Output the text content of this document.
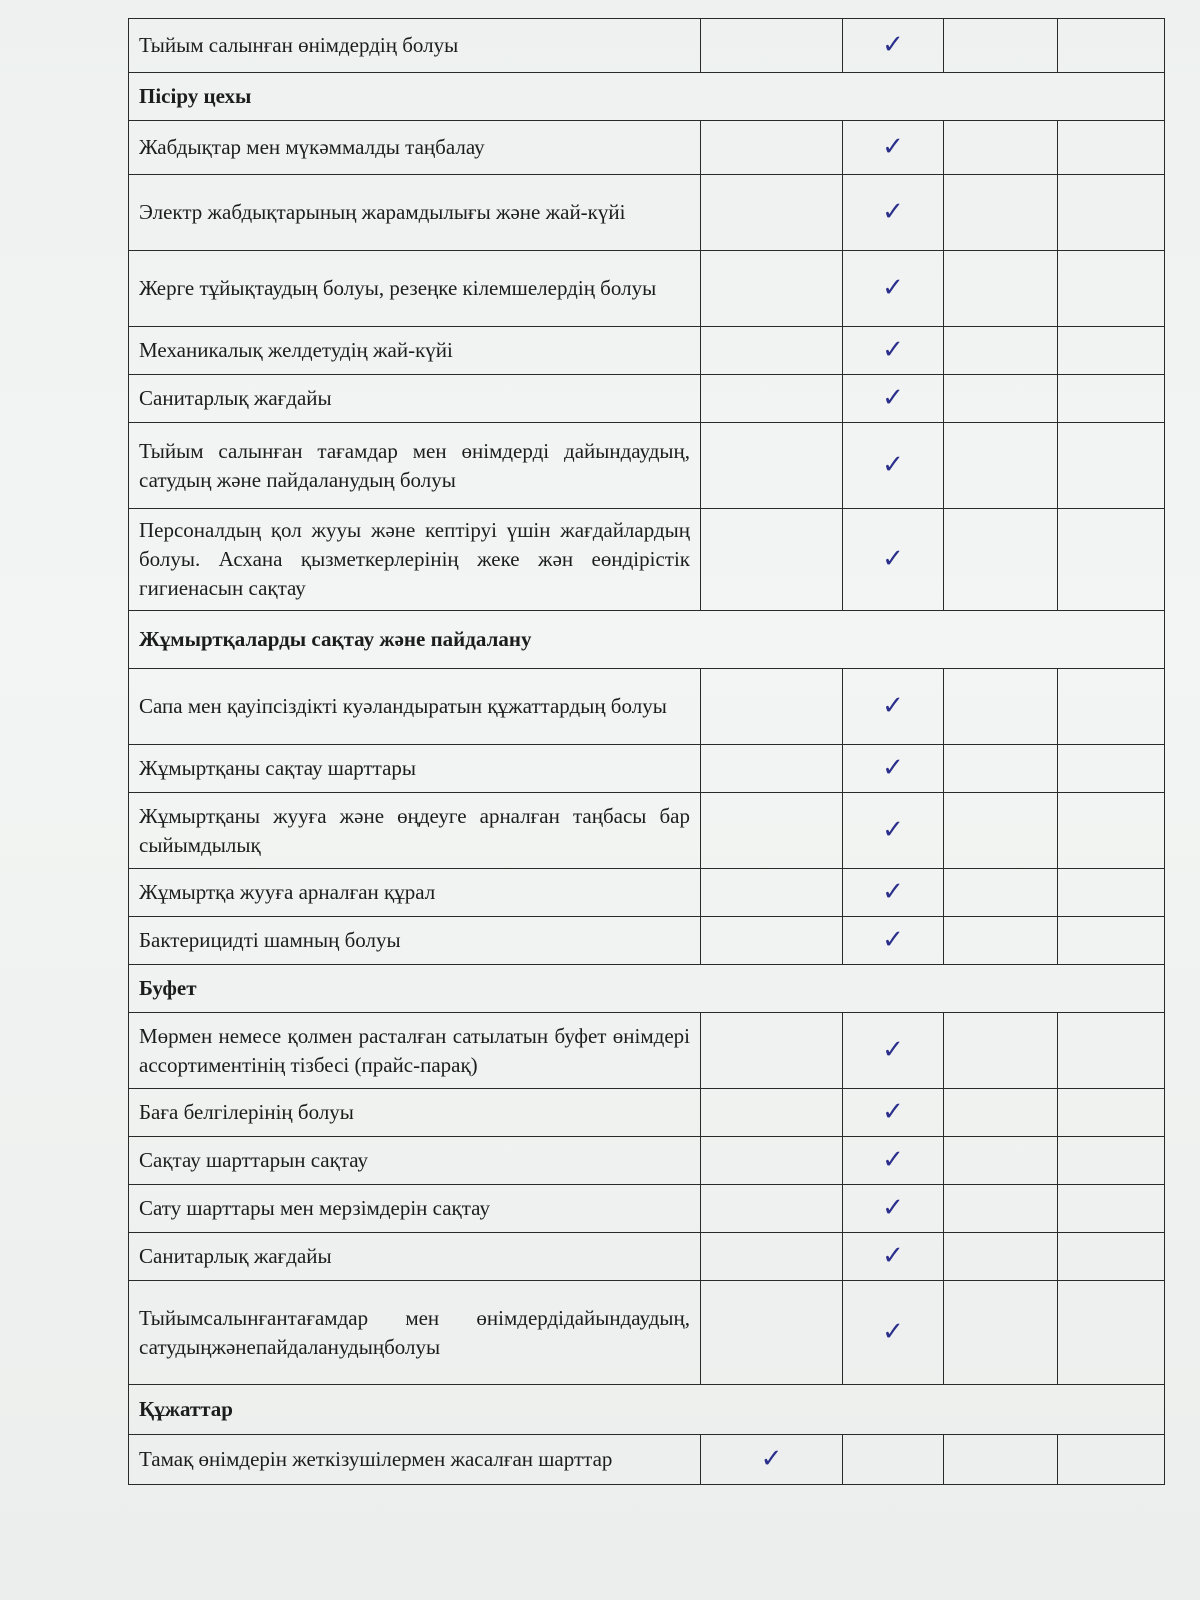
Тыйым салынған өнімдердің болуы		✓		
Пісіру цехы				
Жабдықтар мен мүкәммалды таңбалау		✓		
Электр жабдықтарының жарамдылығы және жай-күйі		✓		
Жерге тұйықтаудың болуы, резеңке кілемшелердің болуы		✓		
Механикалық желдетудің жай-күйі		✓		
Санитарлық жағдайы		✓		
Тыйым салынған тағамдар мен өнімдерді дайындаудың, сатудың және пайдаланудың болуы		✓		
Персоналдың қол жууы және кептіруі үшін жағдайлардың болуы. Асхана қызметкерлерінің жеке жән еөндірістік гигиенасын сақтау		✓		
Жұмыртқаларды сақтау және пайдалану				
Сапа мен қауіпсіздікті куәландыратын құжаттардың болуы		✓		
Жұмыртқаны сақтау шарттары		✓		
Жұмыртқаны жууға және өңдеуге арналған таңбасы бар сыйымдылық		✓		
Жұмыртқа жууға арналған құрал		✓		
Бактерицидті шамның болуы		✓		
Буфет				
Мөрмен немесе қолмен расталған сатылатын буфет өнімдері ассортиментінің тізбесі (прайс-парақ)		✓		
Баға белгілерінің болуы		✓		
Сақтау шарттарын сақтау		✓		
Сату шарттары мен мерзімдерін сақтау		✓		
Санитарлық жағдайы		✓		
Тыйымсалынғантағамдар мен өнімдердідайындаудың, сатудыңжәнепайдаланудыңболуы		✓		
Құжаттар				
Тамақ өнімдерін жеткізушілермен жасалған шарттар	✓			
